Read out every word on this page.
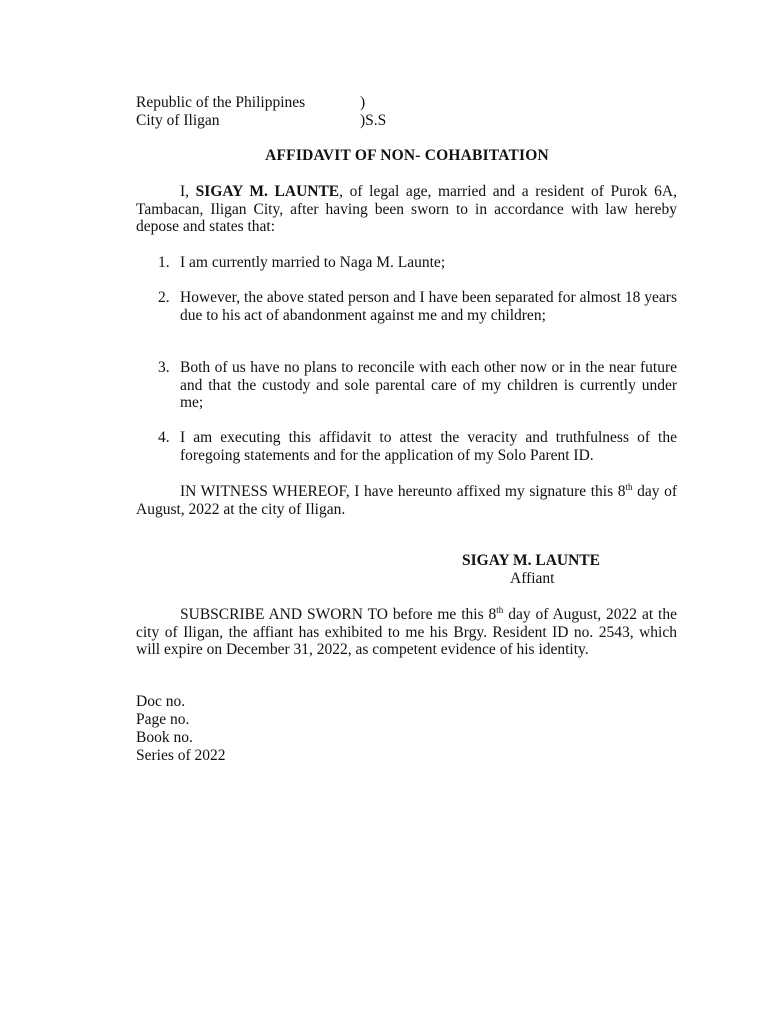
Republic of the Philippines	)
City of Iligan	)S.S
AFFIDAVIT OF NON- COHABITATION
I, SIGAY M. LAUNTE, of legal age, married and a resident of Purok 6A, Tambacan, Iligan City, after having been sworn to in accordance with law hereby depose and states that:
1. I am currently married to Naga M. Launte;
2. However, the above stated person and I have been separated for almost 18 years due to his act of abandonment against me and my children;
3. Both of us have no plans to reconcile with each other now or in the near future and that the custody and sole parental care of my children is currently under me;
4. I am executing this affidavit to attest the veracity and truthfulness of the foregoing statements and for the application of my Solo Parent ID.
IN WITNESS WHEREOF, I have hereunto affixed my signature this 8th day of August, 2022 at the city of Iligan.
SIGAY M. LAUNTE
Affiant
SUBSCRIBE AND SWORN TO before me this 8th day of August, 2022 at the city of Iligan, the affiant has exhibited to me his Brgy. Resident ID no. 2543, which will expire on December 31, 2022, as competent evidence of his identity.
Doc no.
Page no.
Book no.
Series of 2022
